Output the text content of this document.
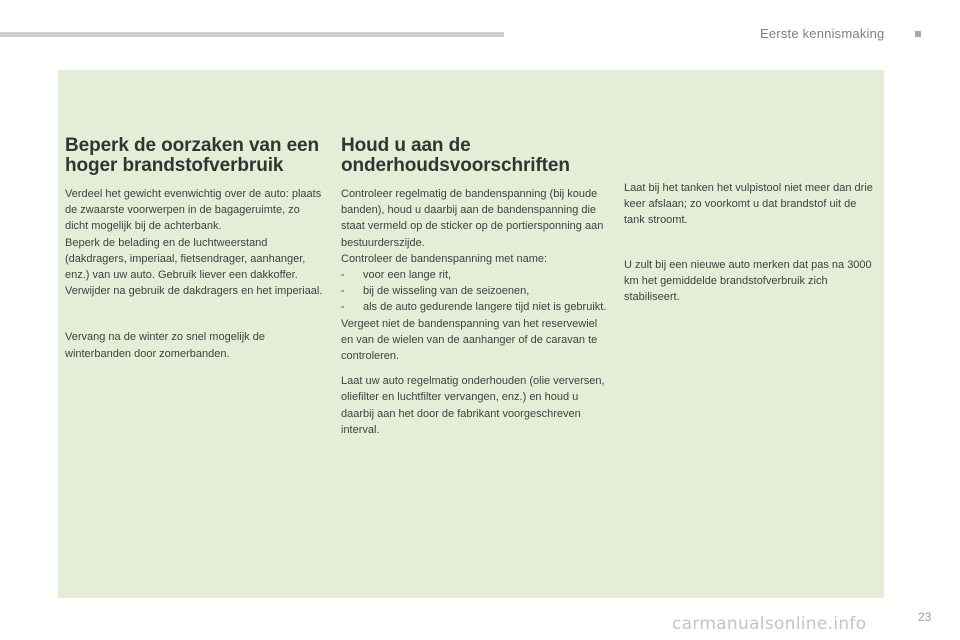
Eerste kennismaking
Beperk de oorzaken van een hoger brandstofverbruik

Verdeel het gewicht evenwichtig over de auto: plaats de zwaarste voorwerpen in de bagageruimte, zo dicht mogelijk bij de achterbank.

Beperk de belading en de luchtweerstand (dakdragers, imperiaal, fietsendrager, aanhanger, enz.) van uw auto. Gebruik liever een dakkoffer.

Verwijder na gebruik de dakdragers en het imperiaal.

Vervang na de winter zo snel mogelijk de winterbanden door zomerbanden.

Houd u aan de onderhoudsvoorschriften

Controleer regelmatig de bandenspanning (bij koude banden), houd u daarbij aan de bandenspanning die staat vermeld op de sticker op de portiersponning aan bestuurderszijde.

Controleer de bandenspanning met name:

- voor een lange rit,
- bij de wisseling van de seizoenen,
- als de auto gedurende langere tijd niet is gebruikt.

Vergeet niet de bandenspanning van het reservewiel en van de wielen van de aanhanger of de caravan te controleren.

Laat uw auto regelmatig onderhouden (olie verversen, oliefilter en luchtfilter vervangen, enz.) en houd u daarbij aan het door de fabrikant voorgeschreven interval.

Laat bij het tanken het vulpistool niet meer dan drie keer afslaan; zo voorkomt u dat brandstof uit de tank stroomt.

U zult bij een nieuwe auto merken dat pas na 3000 km het gemiddelde brandstofverbruik zich stabiliseert.

carmanualsonline.info	23
